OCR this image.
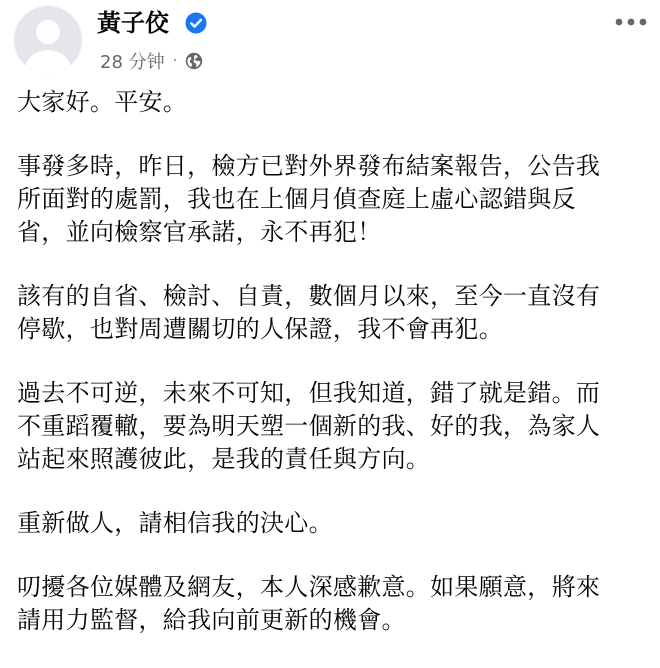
黃子佼
28 分钟 ·

大家好。平安。

事發多時，昨日，檢方已對外界發布結案報告，公告我
所面對的處罰，我也在上個月偵查庭上虛心認錯與反
省，並向檢察官承諾，永不再犯！

該有的自省、檢討、自責，數個月以來，至今一直沒有
停歇，也對周遭關切的人保證，我不會再犯。

過去不可逆，未來不可知，但我知道，錯了就是錯。而
不重蹈覆轍，要為明天塑一個新的我、好的我，為家人
站起來照護彼此，是我的責任與方向。

重新做人，請相信我的決心。

叨擾各位媒體及網友，本人深感歉意。如果願意，將來
請用力監督，給我向前更新的機會。
